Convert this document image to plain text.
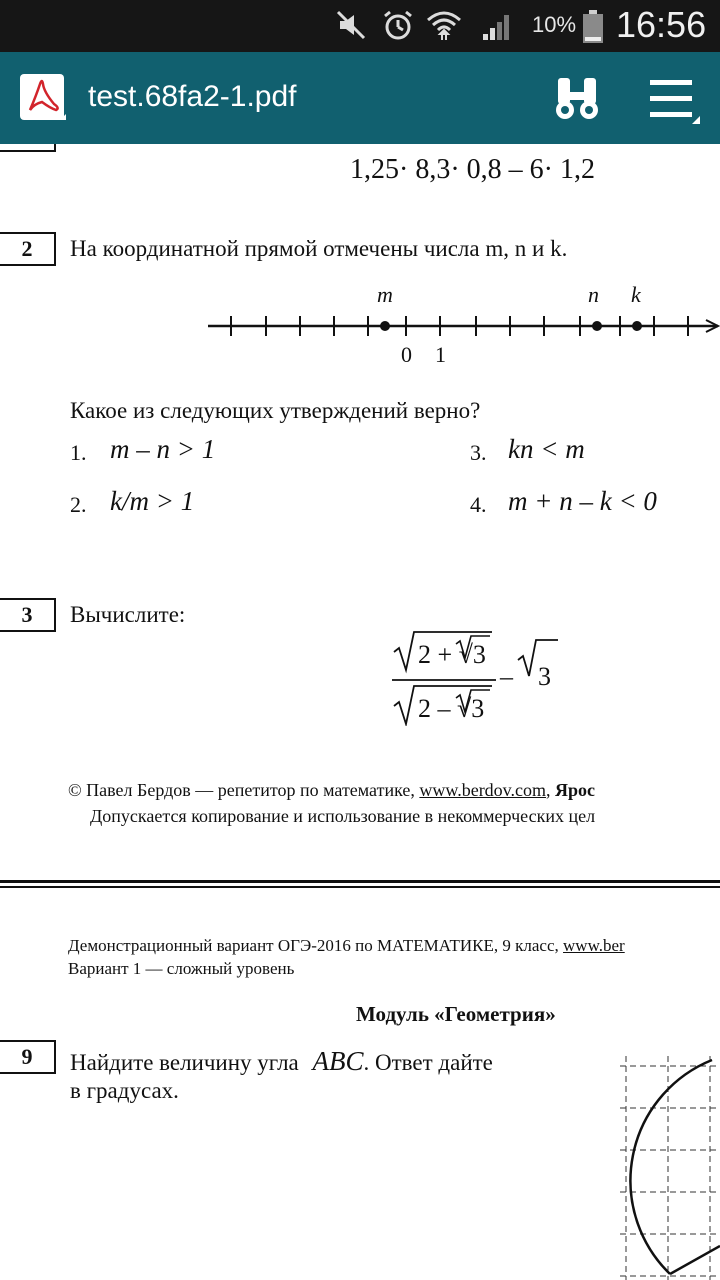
10% 16:56
test.68fa2-1.pdf
1,25· 8,3· 0,8 – 6· 1,2
2	На координатной прямой отмечены числа m, n и k.
m	n k
0 1
Какое из следующих утверждений верно?
1. m – n > 1
2. k/m > 1
3. kn < m
4. m + n – k < 0
3	Вычислите:
2 + √3
2 – √3
– 3
© Павел Бердов — репетитор по математике, www.berdov.com, Ярос
Допускается копирование и использование в некоммерческих цел
Демонстрационный вариант ОГЭ-2016 по МАТЕМАТИКЕ, 9 класс, www.ber
Вариант 1 — сложный уровень
Модуль «Геометрия»
9	Найдите величину угла ABC. Ответ дайте
в градусах.
